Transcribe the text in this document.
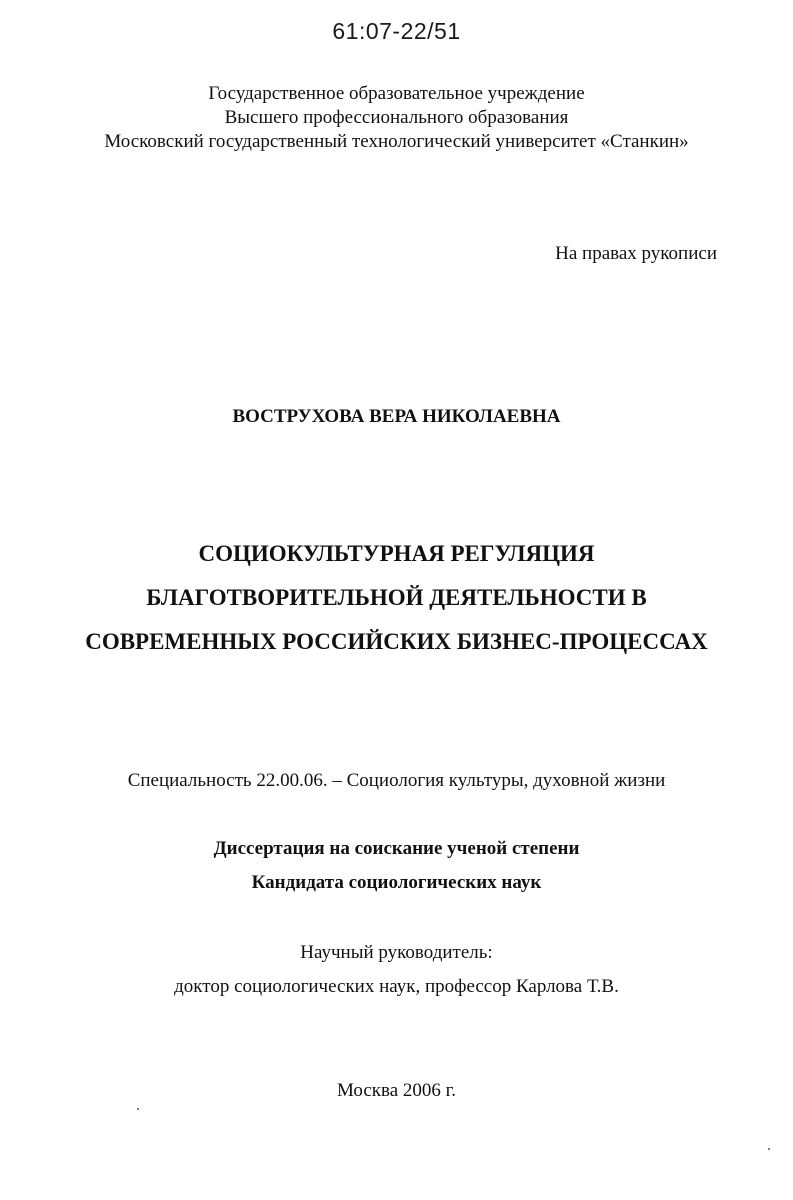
61:07-22/51
Государственное образовательное учреждение
Высшего профессионального образования
Московский государственный технологический университет «Станкин»
На правах рукописи
ВОСТРУХОВА ВЕРА НИКОЛАЕВНА
СОЦИОКУЛЬТУРНАЯ РЕГУЛЯЦИЯ
БЛАГОТВОРИТЕЛЬНОЙ ДЕЯТЕЛЬНОСТИ В
СОВРЕМЕННЫХ РОССИЙСКИХ БИЗНЕС-ПРОЦЕССАХ
Специальность 22.00.06. – Социология культуры, духовной жизни
Диссертация на соискание ученой степени
Кандидата социологических наук
Научный руководитель:
доктор социологических наук, профессор Карлова Т.В.
Москва 2006 г.
